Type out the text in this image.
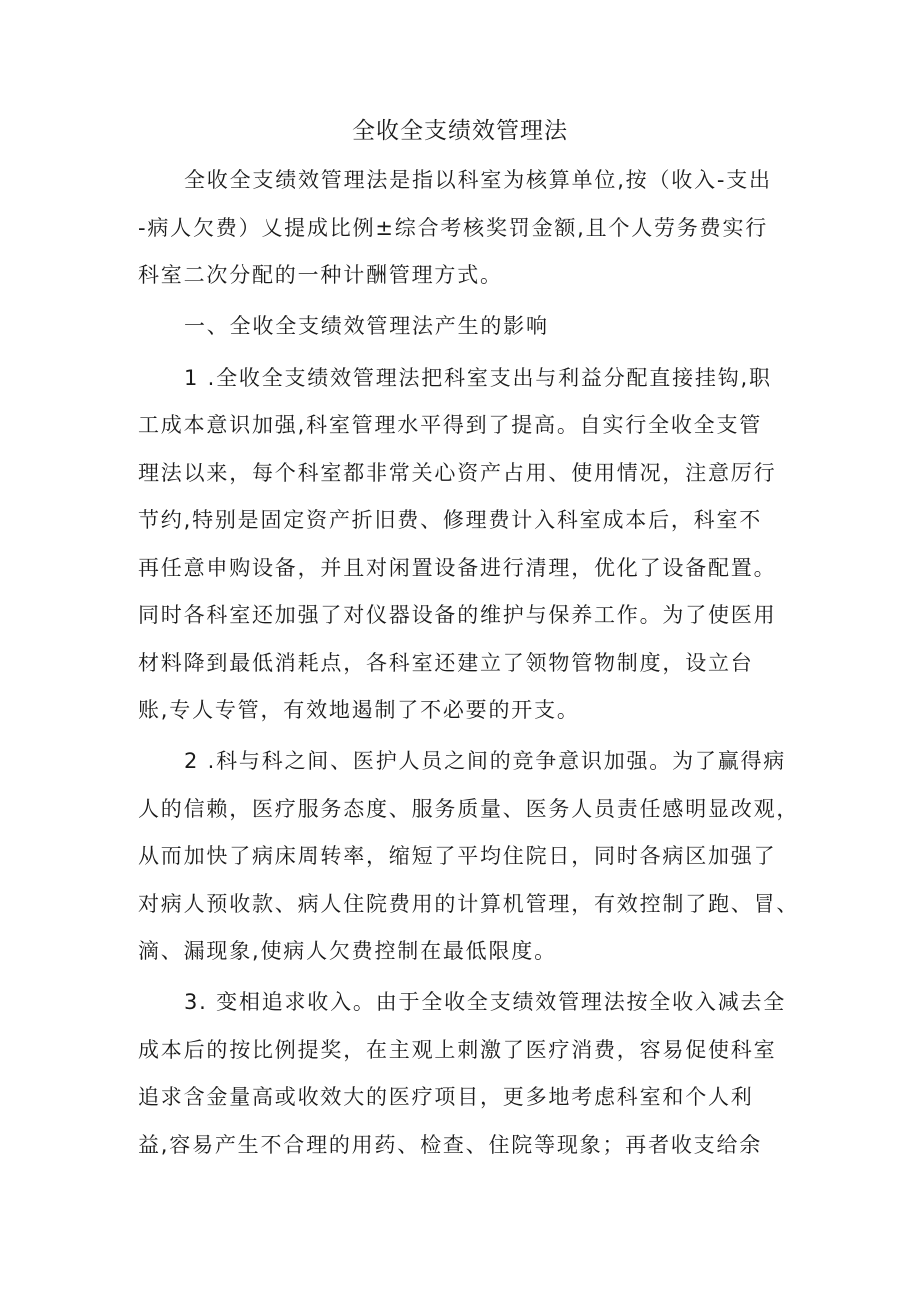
全收全支绩效管理法
全收全支绩效管理法是指以科室为核算单位,按（收入-支出
-病人欠费）乂提成比例±综合考核奖罚金额,且个人劳务费实行
科室二次分配的一种计酬管理方式。
一、全收全支绩效管理法产生的影响
1 .全收全支绩效管理法把科室支出与利益分配直接挂钩,职
工成本意识加强,科室管理水平得到了提高。自实行全收全支管
理法以来，每个科室都非常关心资产占用、使用情况，注意厉行
节约,特别是固定资产折旧费、修理费计入科室成本后，科室不
再任意申购设备，并且对闲置设备进行清理，优化了设备配置。
同时各科室还加强了对仪器设备的维护与保养工作。为了使医用
材料降到最低消耗点，各科室还建立了领物管物制度，设立台
账,专人专管，有效地遏制了不必要的开支。
2 .科与科之间、医护人员之间的竞争意识加强。为了赢得病
人的信赖，医疗服务态度、服务质量、医务人员责任感明显改观，
从而加快了病床周转率，缩短了平均住院日，同时各病区加强了
对病人预收款、病人住院费用的计算机管理，有效控制了跑、冒、
滴、漏现象,使病人欠费控制在最低限度。
3. 变相追求收入。由于全收全支绩效管理法按全收入减去全
成本后的按比例提奖，在主观上刺激了医疗消费，容易促使科室
追求含金量高或收效大的医疗项目，更多地考虑科室和个人利
益,容易产生不合理的用药、检查、住院等现象；再者收支给余
